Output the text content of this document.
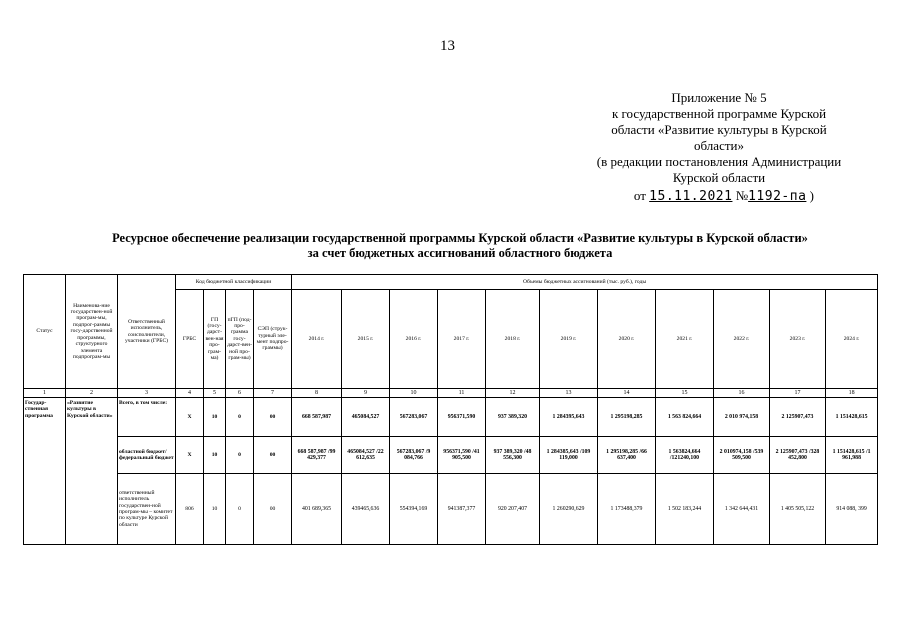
13
Приложение № 5
к государственной программе Курской
области «Развитие культуры в Курской
области»
(в редакции постановления Администрации
Курской области
от 15.11.2021 №1192-па )
Ресурсное обеспечение реализации государственной программы Курской области «Развитие культуры в Курской области»
за счет бюджетных ассигнований областного бюджета
Статус	Наименова-ние государствен-ной програм-мы, подпрог-раммы госу-дарственной программы, структурного элемента подпрограм-мы	Ответственный исполнитель, соисполнители, участники (ГРБС)	Код бюджетной классификации				Объемы бюджетных ассигнований (тыс. руб.), годы										
			ГРБС	ГП (госу-дарст-вен-ная про-грам-ма)	пГП (под-про-грамма госу-дарст-вен-ной про-грам-мы)	СЭП (струк-турный эле-мент подпро-граммы)	2014 г.	2015 г.	2016 г.	2017 г.	2018 г.	2019 г.	2020 г.	2021 г.	2022 г.	2023 г.	2024 г.
1	2	3	4	5	6	7	8	9	10	11	12	13	14	15	16	17	18
Государ-ственная программа	«Развитие культуры в Курской области»	Всего, в том числе:	X	10	0	00	668 587,987	465084,527	567283,067	956371,590	937 389,320	1 284395,643	1 295198,285	1 563 824,664	2 010 974,158	2 125907,473	1 151428,615
		областной бюджет/ федеральный бюджет	X	10	0	00	668 587,987 /99 429,377	465084,527 /22 612,635	567283,067 /9 084,766	956371,590 /41 905,500	937 389,320 /48 556,300	1 284385,643 /109 119,000	1 295198,285 /66 637,400	1 563824,664 /121240,100	2 010974,158 /539 509,500	2 125907,473 /328 452,800	1 151428,615 /1 961,988
		ответственный исполнитель государствен-ной програм-мы – комитет по культуре Курской области	806	10	0	00	401 689,365	439465,636	554394,169	941387,377	920 207,407	1 260290,629	1 173488,379	1 502 183,244	1 342 644,431	1 405 505,122	914 088, 399
